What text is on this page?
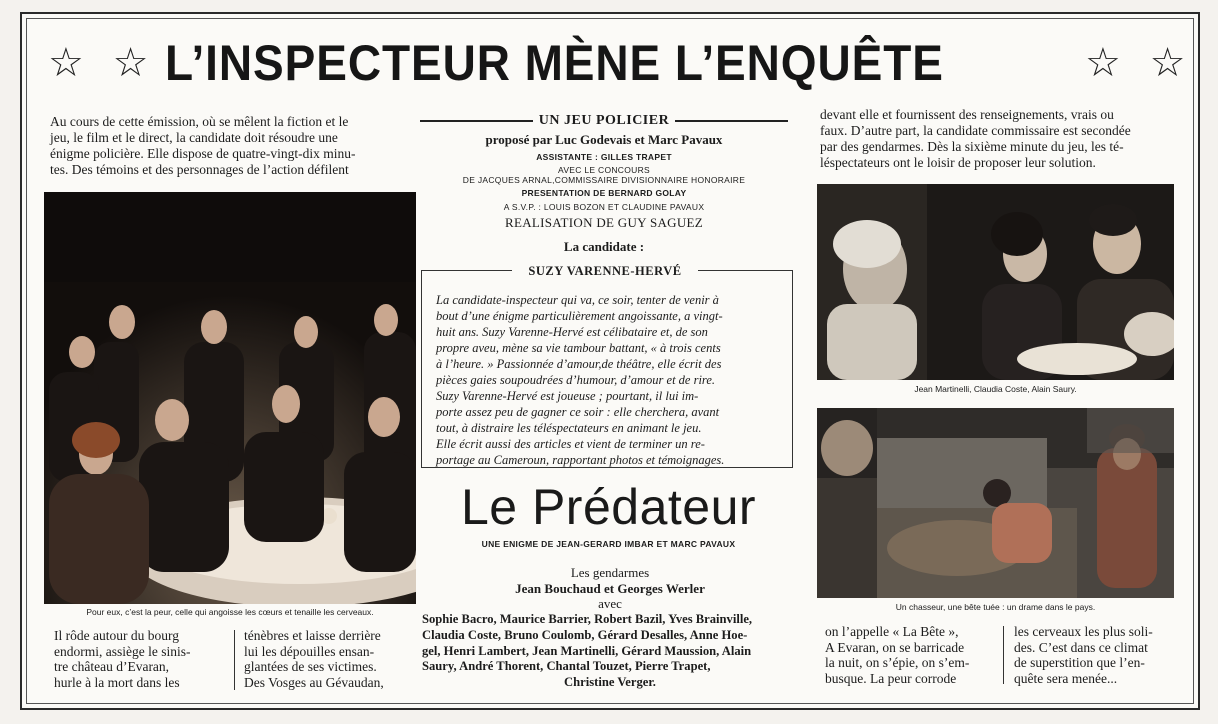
☆ ☆ L’INSPECTEUR MÈNE L’ENQUÊTE	☆ ☆
Au cours de cette émission, où se mêlent la fiction et le
jeu, le film et le direct, la candidate doit résoudre une
énigme policière. Elle dispose de quatre-vingt-dix minu-
tes. Des témoins et des personnages de l’action défilent
devant elle et fournissent des renseignements, vrais ou
faux. D’autre part, la candidate commissaire est secondée
par des gendarmes. Dès la sixième minute du jeu, les té-
léspectateurs ont le loisir de proposer leur solution.
Pour eux, c’est la peur, celle qui angoisse les cœurs et tenaille les cerveaux.
UN JEU POLICIER
proposé par Luc Godevais et Marc Pavaux
ASSISTANTE : GILLES TRAPET
AVEC LE CONCOURS
DE JACQUES ARNAL,COMMISSAIRE DIVISIONNAIRE HONORAIRE
PRESENTATION DE BERNARD GOLAY
A S.V.P. : LOUIS BOZON ET CLAUDINE PAVAUX
REALISATION DE GUY SAGUEZ
La candidate :
SUZY VARENNE-HERVÉ
La candidate-inspecteur qui va, ce soir, tenter de venir à
bout d’une énigme particulièrement angoissante, a vingt-
huit ans. Suzy Varenne-Hervé est célibataire et, de son
propre aveu, mène sa vie tambour battant, « à trois cents
à l’heure. » Passionnée d’amour,de théâtre, elle écrit des
pièces gaies soupoudrées d’humour, d’amour et de rire.
Suzy Varenne-Hervé est joueuse ; pourtant, il lui im-
porte assez peu de gagner ce soir : elle cherchera, avant
tout, à distraire les téléspectateurs en animant le jeu.
Elle écrit aussi des articles et vient de terminer un re-
portage au Cameroun, rapportant photos et témoignages.
Le Prédateur
UNE ENIGME DE JEAN-GERARD IMBAR ET MARC PAVAUX
Les gendarmes
Jean Bouchaud et Georges Werler
avec
Sophie Bacro, Maurice Barrier, Robert Bazil, Yves Brainville,
Claudia Coste, Bruno Coulomb, Gérard Desalles, Anne Hoe-
gel, Henri Lambert, Jean Martinelli, Gérard Maussion, Alain
Saury, André Thorent, Chantal Touzet, Pierre Trapet,
Christine Verger.
Jean Martinelli, Claudia Coste, Alain Saury.
Un chasseur, une bête tuée : un drame dans le pays.
Il rôde autour du bourg
endormi, assiège le sinis-
tre château d’Evaran,
hurle à la mort dans les
ténèbres et laisse derrière
lui les dépouilles ensan-
glantées de ses victimes.
Des Vosges au Gévaudan,
on l’appelle « La Bête »,
A Evaran, on se barricade
la nuit, on s’épie, on s’em-
busque. La peur corrode
les cerveaux les plus soli-
des. C’est dans ce climat
de superstition que l’en-
quête sera menée...
